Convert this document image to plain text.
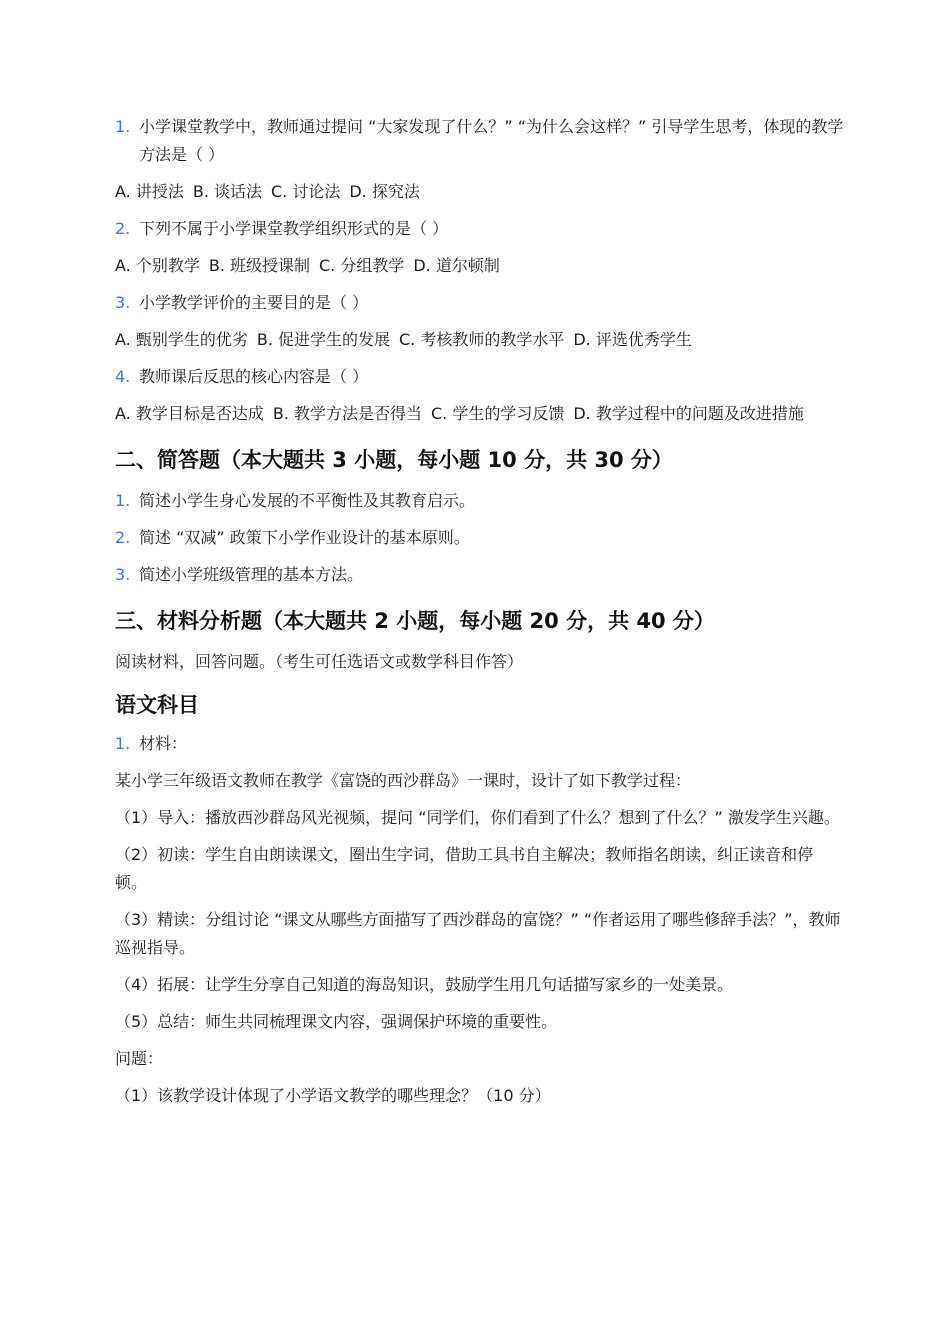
1. 小学课堂教学中，教师通过提问 “大家发现了什么？” “为什么会这样？” 引导学生思考，体现的教学方法是（ ）
A. 讲授法 B. 谈话法 C. 讨论法 D. 探究法
2. 下列不属于小学课堂教学组织形式的是（ ）
A. 个别教学 B. 班级授课制 C. 分组教学 D. 道尔顿制
3. 小学教学评价的主要目的是（ ）
A. 甄别学生的优劣 B. 促进学生的发展 C. 考核教师的教学水平 D. 评选优秀学生
4. 教师课后反思的核心内容是（ ）
A. 教学目标是否达成 B. 教学方法是否得当 C. 学生的学习反馈 D. 教学过程中的问题及改进措施
二、简答题（本大题共 3 小题，每小题 10 分，共 30 分）
1. 简述小学生身心发展的不平衡性及其教育启示。
2. 简述 “双减” 政策下小学作业设计的基本原则。
3. 简述小学班级管理的基本方法。
三、材料分析题（本大题共 2 小题，每小题 20 分，共 40 分）
阅读材料，回答问题。（考生可任选语文或数学科目作答）
语文科目
1. 材料：
某小学三年级语文教师在教学《富饶的西沙群岛》一课时，设计了如下教学过程：
（1）导入：播放西沙群岛风光视频，提问 “同学们，你们看到了什么？想到了什么？” 激发学生兴趣。
（2）初读：学生自由朗读课文，圈出生字词，借助工具书自主解决；教师指名朗读，纠正读音和停顿。
（3）精读：分组讨论 “课文从哪些方面描写了西沙群岛的富饶？” “作者运用了哪些修辞手法？”，教师巡视指导。
（4）拓展：让学生分享自己知道的海岛知识，鼓励学生用几句话描写家乡的一处美景。
（5）总结：师生共同梳理课文内容，强调保护环境的重要性。
问题：
（1）该教学设计体现了小学语文教学的哪些理念？（10 分）
